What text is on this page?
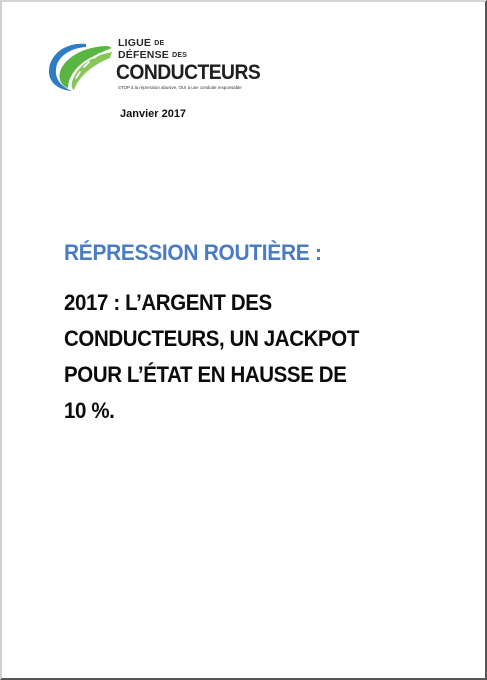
LIGUE DE
DÉFENSE DES
CONDUCTEURS
STOP à la répression abusive, OUI à une conduite responsable
Janvier 2017
RÉPRESSION ROUTIÈRE :
2017 : L’ARGENT DES
CONDUCTEURS, UN JACKPOT
POUR L’ÉTAT EN HAUSSE DE
10 %.
